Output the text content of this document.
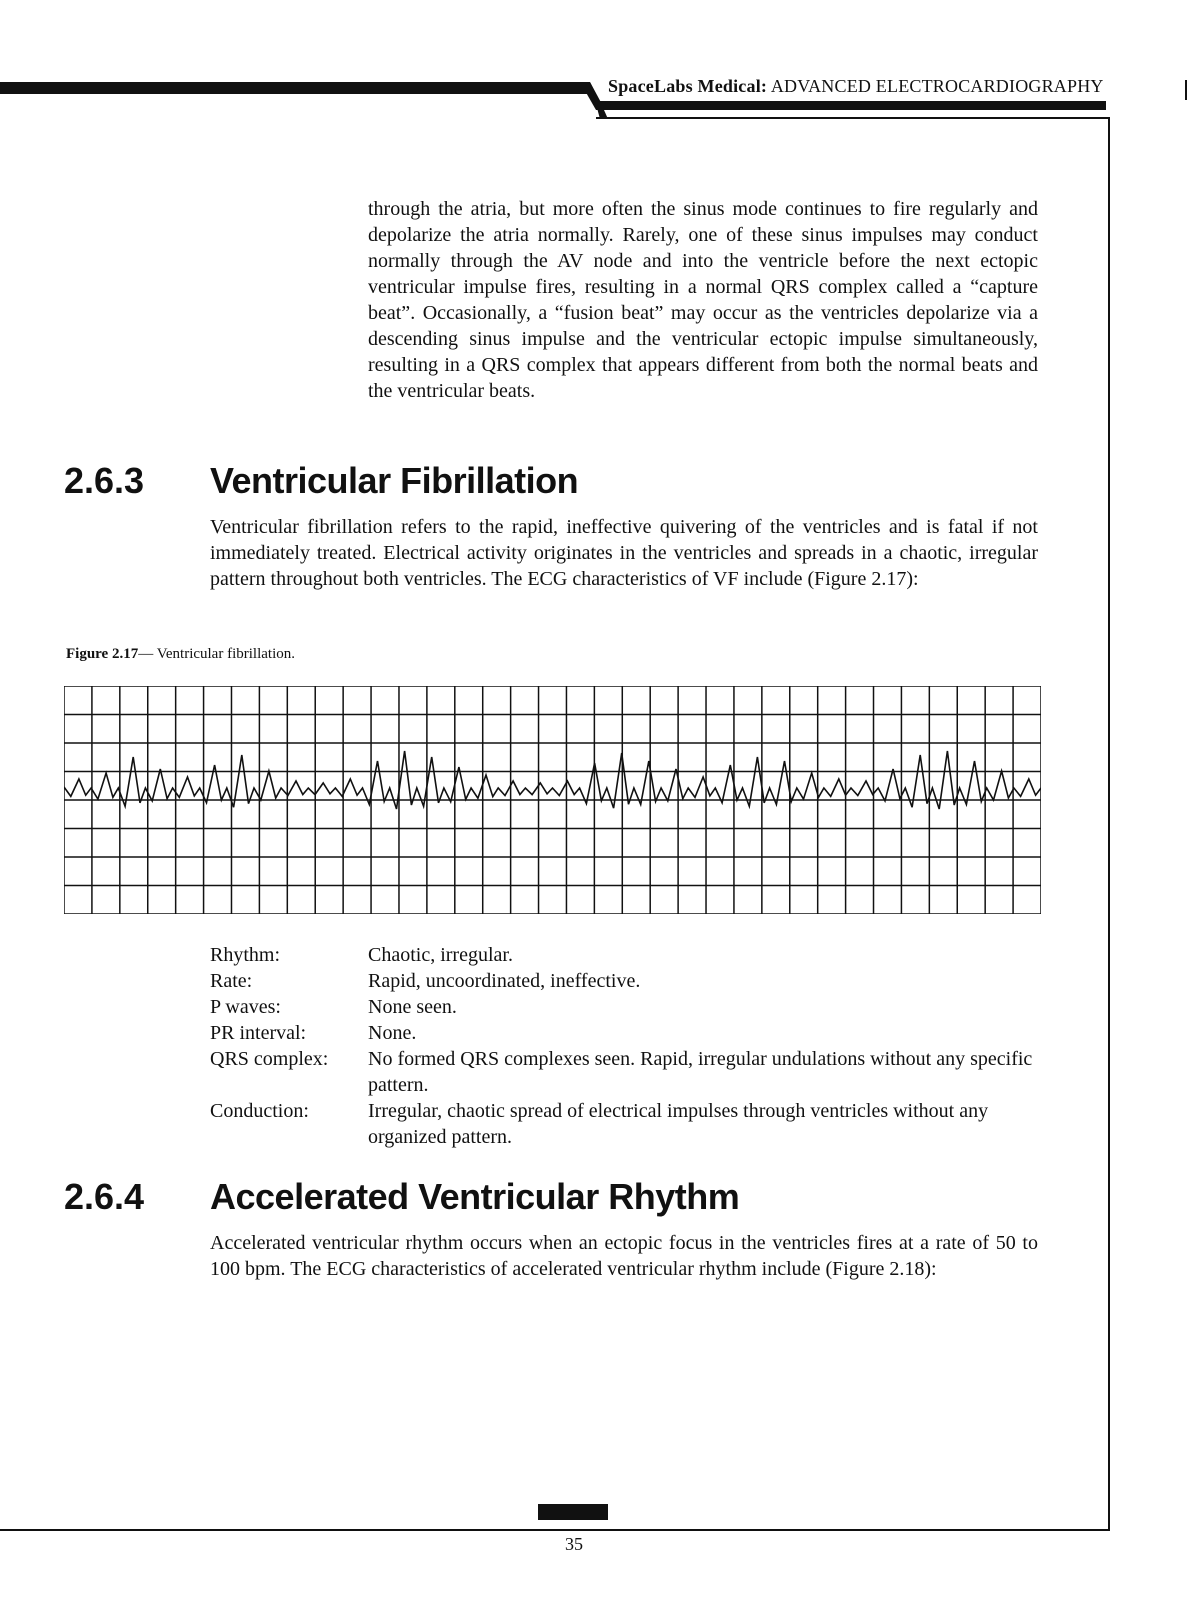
SpaceLabs Medical: ADVANCED ELECTROCARDIOGRAPHY

through the atria, but more often the sinus mode continues to fire regularly and depolarize the atria normally. Rarely, one of these sinus impulses may conduct normally through the AV node and into the ventricle before the next ectopic ventricular impulse fires, resulting in a normal QRS complex called a “capture beat”. Occasionally, a “fusion beat” may occur as the ventricles depolarize via a descending sinus impulse and the ventricular ectopic impulse simultaneously, resulting in a QRS complex that appears different from both the normal beats and the ventricular beats.

2.6.3 Ventricular Fibrillation

Ventricular fibrillation refers to the rapid, ineffective quivering of the ventricles and is fatal if not immediately treated. Electrical activity originates in the ventricles and spreads in a chaotic, irregular pattern throughout both ventricles. The ECG characteristics of VF include (Figure 2.17):

Figure 2.17— Ventricular fibrillation.
Rhythm:	Chaotic, irregular.
Rate:	Rapid, uncoordinated, ineffective.
P waves:	None seen.
PR interval:	None.
QRS complex:	No formed QRS complexes seen. Rapid, irregular undulations without any specific pattern.
Conduction:	Irregular, chaotic spread of electrical impulses through ventricles without any organized pattern.
2.6.4 Accelerated Ventricular Rhythm

Accelerated ventricular rhythm occurs when an ectopic focus in the ventricles fires at a rate of 50 to 100 bpm. The ECG characteristics of accelerated ventricular rhythm include (Figure 2.18):

35
